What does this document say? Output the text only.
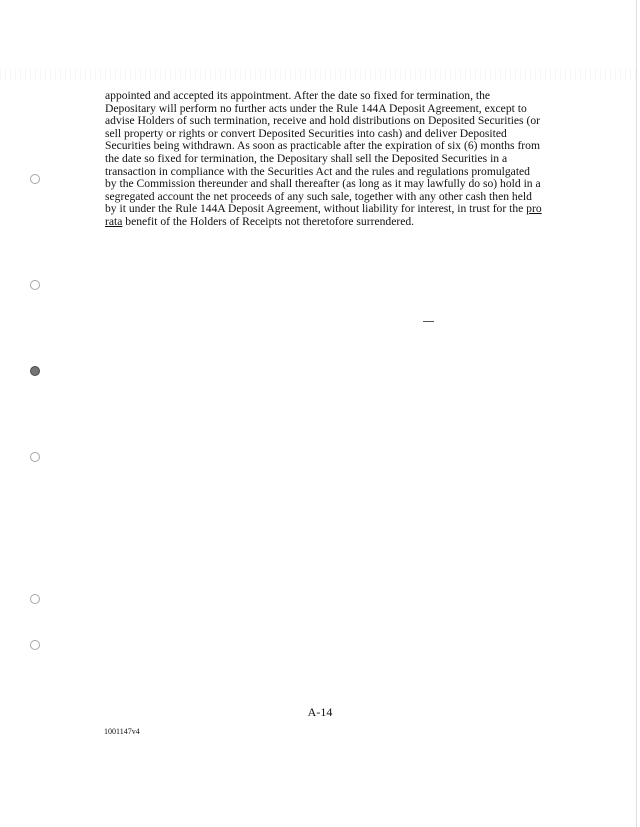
appointed and accepted its appointment. After the date so fixed for termination, the Depositary will perform no further acts under the Rule 144A Deposit Agreement, except to advise Holders of such termination, receive and hold distributions on Deposited Securities (or sell property or rights or convert Deposited Securities into cash) and deliver Deposited Securities being withdrawn. As soon as practicable after the expiration of six (6) months from the date so fixed for termination, the Depositary shall sell the Deposited Securities in a transaction in compliance with the Securities Act and the rules and regulations promulgated by the Commission thereunder and shall thereafter (as long as it may lawfully do so) hold in a segregated account the net proceeds of any such sale, together with any other cash then held by it under the Rule 144A Deposit Agreement, without liability for interest, in trust for the pro rata benefit of the Holders of Receipts not theretofore surrendered.

A-14
1001147v4
